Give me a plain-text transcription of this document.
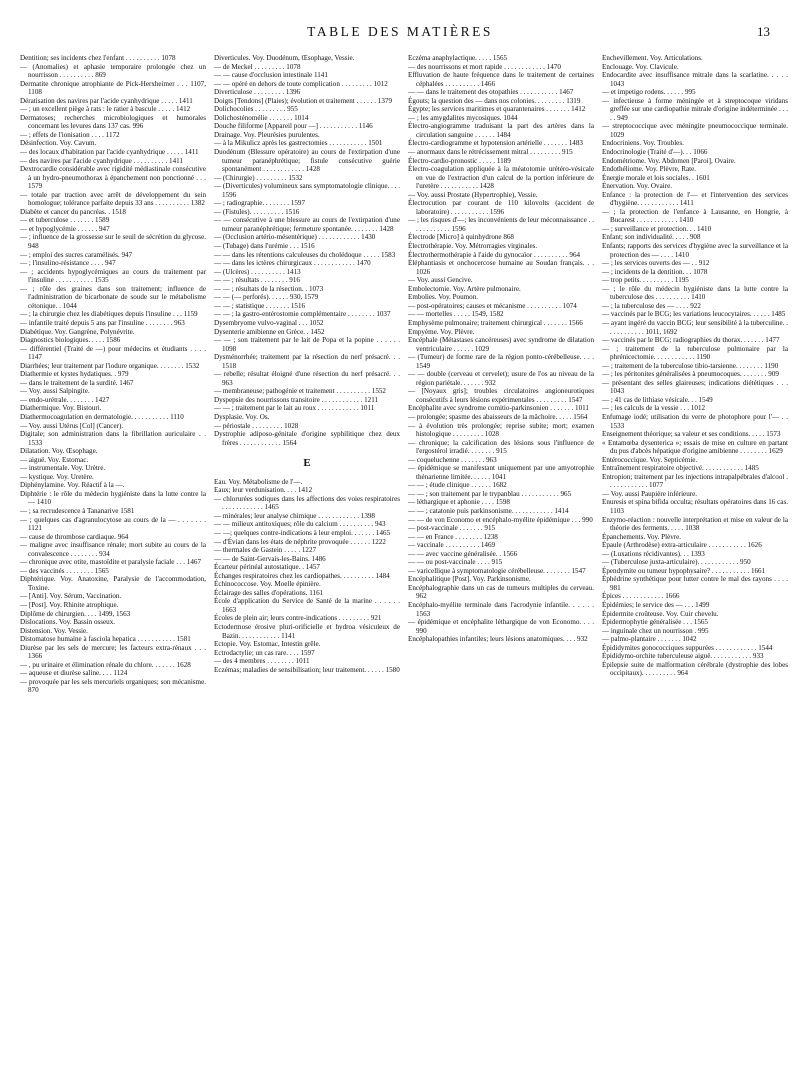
TABLE DES MATIÈRES	13

Dentition; ses incidents chez l'enfant . . . . . . . . . . 1078

— (Anomalies) et aphasie temporaire prolongée chez un nourrisson . . . . . . . . . . 869

Dermatite chronique atrophiante de Pick-Herxheimer . . . 1107, 1108

Dératisation des navires par l'acide cyanhydrique . . . . . 1411

— ; un excellent piège à rats : le ratier à bascule . . . . . 1412

Dermatoses; recherches microbiologiques et humorales concernant les levures dans 137 cas. 996

— ; effets de l'ionisation . . . . 1172

Désinfection. Voy. Cavum.

— des locaux d'habitation par l'acide cyanhydrique . . . . . 1411

— des navires par l'acide cyanhydrique . . . . . . . . . . 1411

Dextrocardie considérable avec rigidité médiastinale consécutive à un hydro-pneumothorax à épanchement non ponctionné . . . 1579

— totale par traction avec arrêt de développement du sein homologue; tolérance parfaite depuis 33 ans . . . . . . . . . . 1382

Diabète et cancer du pancréas. . 1518

— et tuberculose . . . . . . . 1589

— et hypoglycémie . . . . . . 947

— ; influence de la grossesse sur le seuil de sécrétion du glycose. 948

— ; emploi des sucres caramélisés. 947

— ; l'insulino-résistance . . . . 947

— ; accidents hypoglycémiques au cours du traitement par l'insuline . . . . . . . . . . . 1535

— ; rôle des graines dans son traitement; influence de l'administration de bicarbonate de soude sur le métabolisme cétonique. . 1044

— ; la chirurgie chez les diabétiques depuis l'insuline . . . 1159

— infantile traité depuis 5 ans par l'insuline . . . . . . . . 963

Diabétique. Voy. Gangrène, Polynévrite.

Diagnostics biologiques. . . . . 1586

— différentiel (Traité de —) pour médecins et étudiants . . . . 1147

Diarrhées; leur traitement par l'iodure organique. . . . . . . . 1532

Diathermie et kystes hydatiques. . 979

— dans le traitement de la surdité. 1467

— Voy. aussi Salpingite.

— endo-urétrale. . . . . . . . 1427

Diathermique. Voy. Bistouri.

Diathermocoagulation en dermatologie. . . . . . . . . . . 1110

— Voy. aussi Utérus [Col] (Cancer).

Digitale; son administration dans la fibrillation auriculaire . . 1533

Dilatation. Voy. Œsophage.

— aiguë. Voy. Estomac.

— instrumentale. Voy. Urètre.

— kystique. Voy. Uretère.

Diphénylamine. Voy. Réactif à la —.

Diphtérie : le rôle du médecin hygiéniste dans la lutte contre la — 1410

— ; sa recrudescence à Tananarive 1581

— ; quelques cas d'agranulocytose au cours de la — . . . . . . . 1121

— cause de thrombose cardiaque. 964

— maligne avec insuffisance rénale; mort subite au cours de la convalescence . . . . . . . . 934

— chronique avec otite, mastoïdite et paralysie faciale . . . 1467

— des vaccinés . . . . . . . . 1565

Diphtérique. Voy. Anatoxine, Paralysie de l'accommodation, Toxine.

— [Anti]. Voy. Sérum, Vaccination.

— [Post]. Voy. Rhinite atrophique.

Diplôme de chirurgien. . . . 1499, 1563

Dislocations. Voy. Bassin osseux.

Distension. Voy. Vessie.

Distomatose humaine à fasciola hepatica . . . . . . . . . . . 1581

Diurèse par les sels de mercure; les facteurs extra-rénaux . . . 1366

— , pu urinaire et élimination rénale du chlore. . . . . . . 1628

— aqueuse et diurèse saline. . . . 1124

— provoquée par les sels mercuriels organiques; son mécanisme. 870

Diverticules. Voy. Duodénum, Œsophage, Vessie.

— de Meckel . . . . . . . . . 1078

— — cause d'occlusion intestinale 1141

— — opéré en dehors de toute complication . . . . . . . . . 1012

Diverticulose . . . . . . . . . 1396

Doigts [Tendons] (Plaies); évolution et traitement . . . . . . 1379

Dolichocolies . . . . . . . . . 955

Dolichosténomélie . . . . . . . 1014

Douche filiforme [Appareil pour —] . . . . . . . . . . . 1146

Drainage. Voy. Pleurésies purulentes.

— à la Mikulicz après les gastrectomies . . . . . . . . . . . 1501

Duodénum (Blessure opératoire) au cours de l'extirpation d'une tumeur paranéphrétique; fistule consécutive guérie spontanément . . . . . . . . . . . . 1428

— (Chirurgie) . . . . . . . . . 1532

— (Diverticules) volumineux sans symptomatologie clinique. . . . 1596

— ; radiographie. . . . . . . . 1597

— (Fistules). . . . . . . . . . 1516

— — consécutive à une blessure au cours de l'extirpation d'une tumeur paranéphrétique; fermeture spontanée. . . . . . . . 1428

— (Occlusion artério-mésentérique) . . . . . . . . . . . . 1430

— (Tubage) dans l'urémie . . . 1516

— — dans les rétentions calculeuses du cholédoque . . . . . 1583

— — dans les ictères chirurgicaux . . . . . . . . . . . . 1470

— (Ulcères) . . . . . . . . . . 1413

— — ; résultats . . . . . . . . 916

— — ; résultats de la résection. . 1073

— — (— perforés). . . . . . 930, 1579

— — ; statistique . . . . . . . 1516

— — ; la gastro-entérostomie complémentaire . . . . . . . . 1037

Dysembryome vulvo-vaginal . . . 1052

Dysenterie amibienne en Grèce. . 1452

— — ; son traitement par le lait de Popa et la popine . . . . . . 1098

Dysménorrhée; traitement par la résection du nerf présacré. . . 1518

— rebelle; résultat éloigné d'une résection du nerf présacré. . . 963

— membraneuse; pathogénie et traitement . . . . . . . . . . 1552

Dyspepsie des nourrissons transitoire . . . . . . . . . . . . 1211

— — ; traitement par le lait au roux . . . . . . . . . . . . 1011

Dysplasie. Voy. Os.

— périostale . . . . . . . . . 1028

Dystrophie adiposo-génitale d'origine syphilitique chez deux frères . . . . . . . . . . . . 1564

E

Eau. Voy. Métabolisme de l'—.

Eaux; leur verdunisation. . . . 1412

— chlorurées sodiques dans les affections des voies respiratoires . . . . . . . . . . . . 1465

— minérales; leur analyse chimique . . . . . . . . . . . . 1398

— — milieux antitoxiques; rôle du calcium . . . . . . . . . . 943

— —; quelques contre-indications à leur emploi. . . . . . . 1465

— d'Évian dans les états de néphrite provoquée . . . . . . 1222

— thermales de Gastein . . . . . 1227

— — de Saint-Gervais-les-Bains. 1486

Écarteur périnéal autostatique. . 1457

Échanges respiratoires chez les cardiopathes. . . . . . . . . . 1484

Échinococcose. Voy. Moelle épinière.

Éclairage des salles d'opérations. 1161

École d'application du Service de Santé de la marine . . . . . . 1663

Écoles de plein air; leurs contre-indications . . . . . . . . . 921

Ectodermose érosive pluri-orificielle et hydroa vésiculeux de Bazin. . . . . . . . . . . . 1141

Ectopie. Voy. Estomac, Intestin grêle.

Ectrodactylie; un cas rare. . . . 1597

— des 4 membres . . . . . . . . 1011

Eczémas; maladies de sensibilisation; leur traitement. . . . . . 1580

Eczéma anaphylactique. . . . . 1565

— des nourrissons et mort rapide . . . . . . . . . . . . 1470

Effluvation de haute fréquence dans le traitement de certaines céphalées . . . . . . . . . . 1466

— — dans le traitement des otopathies . . . . . . . . . . . 1467

Égouts; la question des — dans nos colonies. . . . . . . . . 1319

Égypte; les services maritimes et quarantenaires . . . . . . . 1412

— ; les amygdalites mycosiques. 1044

Électro-angiogramme traduisant la part des artères dans la circulation sanguine . . . . . . 1484

Électro-cardiogramme et hypotension artérielle . . . . . . . 1483

— anormaux dans le rétrécissement mitral . . . . . . . . . 915

Électro-cardio-pronostic . . . . . 1189

Électro-coagulation appliquée à la méatotomie urétéro-vésicale en vue de l'extraction d'un calcul de la portion inférieure de l'uretère . . . . . . . . . . . 1428

— Voy. aussi Prostate (Hypertrophie), Vessie.

Électrocution par courant de 110 kilovolts (accident de laboratoire) . . . . . . . . . . . 1596

— ; les risques d'—; les inconvénients de leur méconnaissance . . . . . . . . . . . . 1596

Électrode [Micro] à quinhydrone 868

Électrothérapie. Voy. Métrorragies virginales.

Électrothermothérapie à l'aide du gynocaïor . . . . . . . . . . 964

Éléphantiasis et onchocercose humaine au Soudan français. . . 1026

— Voy. aussi Gencive.

Embolectomie. Voy. Artère pulmonaire.

Embolies. Voy. Poumon.

— post-opératoires; causes et mécanisme . . . . . . . . . . 1074

— — mortelles . . . . . 1549, 1582

Emphysème pulmonaire; traitement chirurgical . . . . . . . 1566

Empyème. Voy. Plèvre.

Encéphale (Métastases cancéreuses) avec syndrome de dilatation ventriculaire . . . . . . 1029

— (Tumeur) de forme rare de la région ponto-cérébelleuse. . . . 1549

— — double (cerveau et cervelet); usure de l'os au niveau de la région pariétale. . . . . . . 932

— [Noyaux gris]; troubles circulatoires angioneurotiques consécutifs à leurs lésions expérimentales . . . . . . . . . 1547

Encéphalite avec syndrome comitio-parkinsonien . . . . . . . 1011

— prolongée; spasme des abaisseurs de la mâchoire. . . . . 1564

— à évolution très prolongée; reprise subite; mort; examen histologique . . . . . . . . . 1028

— chronique; la calcification des lésions sous l'influence de l'ergostérol irradié. . . . . . . . 915

— coqueluchenne . . . . . . . 963

— épidémique se manifestant uniquement par une amyotrophie thénarienne limitée. . . . . . 1041

— — ; étude clinique . . . . . . 1682

— — ; son traitement par le trypanblau . . . . . . . . . . . 965

— léthargique et aphonie . . . . 1598

— — ; catatonie puis parkinsonisme. . . . . . . . . . . . 1414

— — de von Economo et encéphalo-myélite épidémique . . . 990

— post-vaccinale . . . . . . . 915

— — en France . . . . . . . . 1238

— vaccinale . . . . . . . . . . 1469

— — avec vaccine généralisée. . 1566

— — ou post-vaccinale . . . . 915

— varicellique à symptomatologie cérébelleuse. . . . . . . . 1547

Encéphalitique [Post]. Voy. Parkinsonisme.

Encéphalographie dans un cas de tumeurs multiples du cerveau. 962

Encéphalo-myélite terminale dans l'acrodynie infantile. . . . . . 1563

— épidémique et encéphalite léthargique de von Economo. . . . 990

Encéphalopathies infantiles; leurs lésions anatomiques. . . . 932

Enchevillement. Voy. Articulations.

Enclouage. Voy. Clavicule.

Endocardite avec insuffisance mitrale dans la scarlatine. . . . . 1043

— et impetigo rodens. . . . . . 995

— infectieuse à forme méningée et à streptocoque viridans greffée sur une cardiopathie mitrale d'origine indéterminée . . . . . 949

— streptococcique avec méningite pneumococcique terminale. 1029

Endocriniens. Voy. Troubles.

Endocrinologie (Traité d'—). . . 1066

Endométriome. Voy. Abdomen [Paroi], Ovaire.

Endothéliome. Voy. Plèvre, Rate.

Énergie morale et lois sociales. . 1601

Énervation. Voy. Ovaire.

Enfance : la protection de l'— et l'intervention des services d'hygiène. . . . . . . . . . . . 1411

— ; la protection de l'enfance à Lausanne, en Hongrie, à Bucarest . . . . . . . . . . . . 1410

— ; surveillance et protection. . . 1410

Enfant; son individualité. . . . . 908

Enfants; rapports des services d'hygiène avec la surveillance et la protection des — . . . . 1410

— ; les services ouverts des — . . 912

— ; incidents de la dentition. . . 1078

— trop petits. . . . . . . . . . 1195

— ; le rôle du médecin hygiéniste dans la lutte contre la tuberculose des . . . . . . . . . . 1410

— ; la tuberculose des — . . . . 922

— vaccinés par le BCG; les variations leucocytaires. . . . . . 1485

— ayant ingéré du vaccin BCG; leur sensibilité à la tuberculine. . . . . . . . . . . . 1011, 1692

— vaccinés par le BCG; radiographies du thorax. . . . . . . 1477

— ; traitement de la tuberculose pulmonaire par la phrénicectomie. . . . . . . . . . . . 1190

— ; traitement de la tuberculose tibio-tarsienne. . . . . . . . 1190

— ; les péritonites généralisées à pneumocoques. . . . . . . . 909

— présentant des selles glaireuses; indications diététiques . . . 1043

— ; 41 cas de lithiase vésicale. . . 1549

— ; les calculs de la vessie . . . 1012

Enfumage iodé; utilisation du verre de photophore pour l'— . . 1533

Enseignement théorique; sa valeur et ses conditions. . . . . 1573

« Entamœba dysenterica »; essais de mise en culture en partant du pus d'abcès hépatique d'origine amibienne . . . . . . . . 1629

Entérococcique. Voy. Septicémie.

Entraînement respiratoire objectivé. . . . . . . . . . . . 1485

Entropion; traitement par les injections intrapalpébrales d'alcool . . . . . . . . . . . . 1077

— Voy. aussi Paupière inférieure.

Enuresis et spina bifida occulta; résultats opératoires dans 16 cas. 1103

Enzymo-réaction : nouvelle interprétation et mise en valeur de la théorie des ferments. . . . . 1038

Épanchements. Voy. Plèvre.

Épaule (Arthrodèse) extra-articulaire . . . . . . . . . . . 1626

— (Luxations récidivantes). . . 1393

— (Tuberculose juxta-articulaire). . . . . . . . . . . . 950

Épendymite ou tumeur hypophysaire? . . . . . . . . . . . 1661

Éphédrine synthétique pour lutter contre le mal des rayons . . . . 981

Épices . . . . . . . . . . . . 1666

Épidémies; le service des — . . . 1499

Épidermite croûteuse. Voy. Cuir chevelu.

Épidermophytie généralisée . . . 1565

— inguinale chez un nourrisson . 995

— palmo-plantaire . . . . . . . 1042

Épididymites gonococciques suppurées . . . . . . . . . . . . 1544

Épididymo-orchite tuberculeuse aiguë. . . . . . . . . . . . 933

Épilepsie suite de malformation cérébrale (dystrophie des lobes occipitaux). . . . . . . . . . 964
